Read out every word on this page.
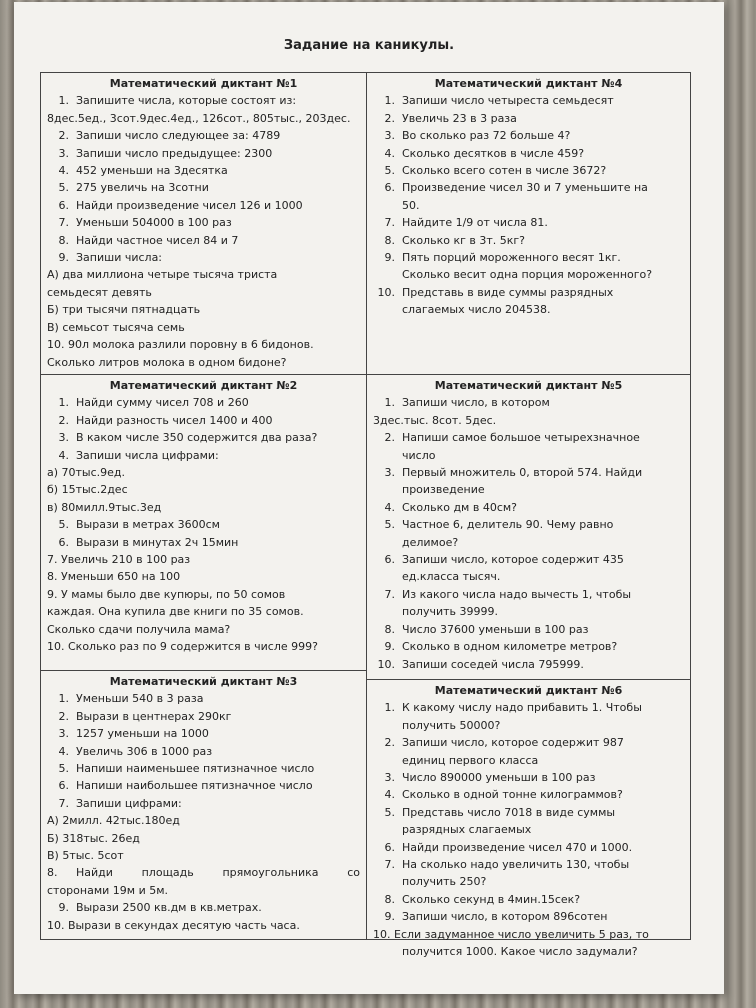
Задание на каникулы.
Математический диктант №1
1. Запишите числа, которые состоят из:
8дес.5ед., 3сот.9дес.4ед., 126сот., 805тыс., 203дес.
2. Запиши число следующее за: 4789
3. Запиши число предыдущее: 2300
4. 452 уменьши на 3десятка
5. 275 увеличь на 3сотни
6. Найди произведение чисел 126 и 1000
7. Уменьши 504000 в 100 раз
8. Найди частное чисел 84 и 7
9. Запиши числа:
А) два миллиона четыре тысяча триста
семьдесят девять
Б) три тысячи пятнадцать
В) семьсот тысяча семь
10. 90л молока разлили поровну в 6 бидонов.
Сколько литров молока в одном бидоне?
Математический диктант №4
1. Запиши число четыреста семьдесят
2. Увеличь 23 в 3 раза
3. Во сколько раз 72 больше 4?
4. Сколько десятков в числе 459?
5. Сколько всего сотен в числе 3672?
6. Произведение чисел 30 и 7 уменьшите на
50.
7. Найдите 1/9 от числа 81.
8. Сколько кг в 3т. 5кг?
9. Пять порций мороженного весят 1кг.
Сколько весит одна порция мороженного?
10. Представь в виде суммы разрядных
слагаемых число 204538.
Математический диктант №2
1. Найди сумму чисел 708 и 260
2. Найди разность чисел 1400 и 400
3. В каком числе 350 содержится два раза?
4. Запиши числа цифрами:
а) 70тыс.9ед.
б) 15тыс.2дес
в) 80милл.9тыс.3ед
5. Вырази в метрах 3600см
6. Вырази в минутах 2ч 15мин
7. Увеличь 210 в 100 раз
8. Уменьши 650 на 100
9. У мамы было две купюры, по 50 сомов
каждая. Она купила две книги по 35 сомов.
Сколько сдачи получила мама?
10. Сколько раз по 9 содержится в числе 999?
Математический диктант №5
1. Запиши число, в котором
3дес.тыс. 8сот. 5дес.
2. Напиши самое большое четырехзначное
число
3. Первый множитель 0, второй 574. Найди
произведение
4. Сколько дм в 40см?
5. Частное 6, делитель 90. Чему равно
делимое?
6. Запиши число, которое содержит 435
ед.класса тысяч.
7. Из какого числа надо вычесть 1, чтобы
получить 39999.
8. Число 37600 уменьши в 100 раз
9. Сколько в одном километре метров?
10. Запиши соседей числа 795999.
Математический диктант №3
1. Уменьши 540 в 3 раза
2. Вырази в центнерах 290кг
3. 1257 уменьши на 1000
4. Увеличь 306 в 1000 раз
5. Напиши наименьшее пятизначное число
6. Напиши наибольшее пятизначное число
7. Запиши цифрами:
А) 2милл. 42тыс.180ед
Б) 318тыс. 26ед
В) 5тыс. 5сот
8. Найди площадь прямоугольника со
сторонами 19м и 5м.
9. Вырази 2500 кв.дм в кв.метрах.
10. Вырази в секундах десятую часть часа.
Математический диктант №6
1. К какому числу надо прибавить 1. Чтобы
получить 50000?
2. Запиши число, которое содержит 987
единиц первого класса
3. Число 890000 уменьши в 100 раз
4. Сколько в одной тонне килограммов?
5. Представь число 7018 в виде суммы
разрядных слагаемых
6. Найди произведение чисел 470 и 1000.
7. На сколько надо увеличить 130, чтобы
получить 250?
8. Сколько секунд в 4мин.15сек?
9. Запиши число, в котором 896сотен
10. Если задуманное число увеличить 5 раз, то
получится 1000. Какое число задумали?
